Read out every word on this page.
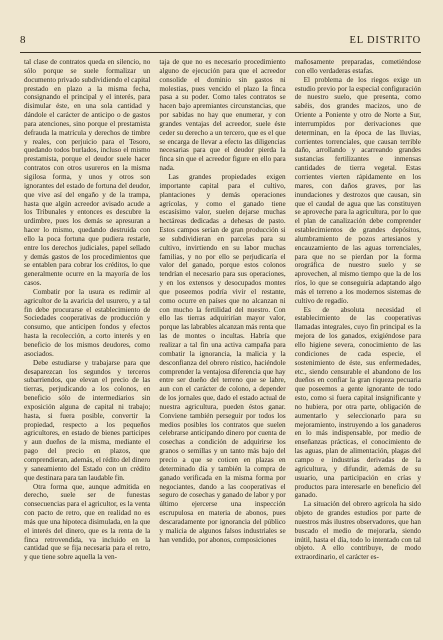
8	EL DISTRITO

tal clase de contratos queda en silencio, no sólo porque se suele formalizar un documento privado subdividiendo el capital prestado en plazo a la misma fecha, consignando el principal y el interés, para disimular éste, en una sola cantidad y dándole el carácter de anticipo o de gastos para atenciones, sino porque el prestamista defrauda la matrícula y derechos de timbre y reales, con perjuicio para el Tesoro, quedando todos burlados, incluso el mismo prestamista, porque el deudor suele hacer contratos con otros usureros en la misma sigilosa forma, y unos y otros son ignorantes del estado de fortuna del deudor, que vive así del engaño y de la trampa, hasta que algún acreedor avisado acude a los Tribunales y entonces es descubre la urdimbre, pues los demás se apresuran a hacer lo mismo, quedando destruida con ello la poca fortuna que pudiera restarle, entre los derechos judiciales, papel sellado y demás gastos de los procedimientos que se entablen para cobrar los créditos, lo que generalmente ocurre en la mayoría de los casos.

Combatir por la usura es redimir al agricultor de la avaricia del usurero, y a tal fin debe procurarse el establecimiento de Sociedades cooperativas de producción y consumo, que anticipen fondos y efectos hasta la recolección, a corto interés y en beneficio de los mismos deudores, como asociados.

Debe estudiarse y trabajarse para que desaparezcan los segundos y terceros subarriendos, que elevan el precio de las tierras, perjudicando a los colonos, en beneficio sólo de intermediarios sin exposición alguna de capital ni trabajo; hasta, si fuera posible, convertir la propiedad, respecto a los pequeños agricultores, en estado de bienes participes y aun dueños de la misma, mediante el pago del precio en plazos, que comprendieran, además, el rédito del dinero y saneamiento del Estado con un crédito que destinara para tan laudable fin.

Otra forma que, aunque admitida en derecho, suele ser de funestas consecuencias para el agricultor, es la venta con pacto de retro, que en realidad no es más que una hipoteca disimulada, en la que el interés del dinero, que es la renta de la finca retrovendida, va incluido en la cantidad que se fija necesaria para el retro, y que tiene sobre aquella la ven-

taja de que no es necesario procedimiento alguno de ejecución para que el acreedor consolide el dominio sin gastos ni molestias, pues vencido el plazo la finca pasa a su poder. Como tales contratos se hacen bajo apremiantes circunstancias, que por sabidas no hay que enumerar, y con grandes ventajas del acreedor, suele éste ceder su derecho a un tercero, que es el que se encarga de llevar a efecto las diligencias necesarias para que el deudor pierda la finca sin que el acreedor figure en ello para nada.

Las grandes propiedades exigen importante capital para el cultivo, plantaciones y demás operaciones agrícolas, y como el ganado tiene escasísimo valor, suelen dejarse muchas hectáreas dedicadas a dehesas de pasto. Estos campos serían de gran producción si se subdividieran en parcelas para su cultivo, invirtiendo en su labor muchas familias, y no por ello se perjudicaría el valor del ganado, porque estos colonos tendrían el necesario para sus operaciones, y en los extensos y desocupados montes que poseemos podría vivir el restante, como ocurre en países que no alcanzan ni con mucho la fertilidad del nuestro. Con ello las tierras adquirirían mayor valor, porque las labrables alcanzan más renta que las de montes o incultas. Habría que realizar a tal fin una activa campaña para combatir la ignorancia, la malicia y la desconfianza del obrero rústico, haciéndole comprender la ventajosa diferencia que hay entre ser dueño del terreno que se labre, aun con el carácter de colono, a depender de los jornales que, dado el estado actual de nuestra agricultura, pueden éstos ganar. Conviene también perseguir por todos los medios posibles los contratos que suelen celebrarse anticipando dinero por cuenta de cosechas a condición de adquirirse los granos o semillas y un tanto más bajo del precio a que se coticen en plazas en determinado día y también la compra de ganado verificada en la misma forma por negociantes, dando a las cooperativas el seguro de cosechas y ganado de labor y por último ejercerse una inspección escrupulosa en materia de abonos, pues descaradamente por ignorancia del público y malicia de algunos falsos industriales se han vendido, por abonos, composiciones

mañosamente preparadas, cometiéndose con ello verdaderas estafas.

El problema de los riegos exige un estudio previo por la especial configuración de nuestro suelo, que presenta, como sabéis, dos grandes macizos, uno de Oriente a Poniente y otro de Norte a Sur, interrumpidos por derivaciones que determinan, en la época de las lluvias, corrientes torrenciales, que causan terrible daño, arrollando y acarreando grandes sustancias fertilizantes e inmensas cantidades de tierra vegetal. Estas corrientes vierten rápidamente en los mares, con daños graves, por las inundaciones y destrozos que causan, sin que el caudal de agua que las constituyen se aproveche para la agricultura, por lo que el plan de canalización debe comprender establecimientos de grandes depósitos, alumbramiento de pozos artesianos y encauzamiento de las aguas torrenciales, para que no se pierdan por la forma orográfica de nuestro suelo y se aprovechen, al mismo tiempo que la de los ríos, lo que se conseguiría adaptando algo más el terreno a los modernos sistemas de cultivo de regadío.

Es de absoluta necesidad el establecimiento de las cooperativas llamadas integrales, cuyo fin principal es la mejora de los ganados, exigiéndose para ello higiene severa, conocimiento de las condiciones de cada especie, el sostenimiento de éste, sus enfermedades, etc., siendo censurable el abandono de los dueños en confiar la gran riqueza pecuaria que poseemos a gente ignorante de todo esto, como si fuera capital insignificante y no hubiera, por otra parte, obligación de aumentarlo y seleccionarlo para su mejoramiento, instruyendo a los ganaderos en lo más indispensable, por medio de enseñanzas prácticas, el conocimiento de las aguas, plan de alimentación, plagas del campo e industrias derivadas de la agricultura, y difundir, además de su usuario, una participación en crías y productos para interesarle en beneficio del ganado.

La situación del obrero agrícola ha sido objeto de grandes estudios por parte de nuestros más ilustres observadores, que han buscado el medio de mejorarla, siendo inútil, hasta el día, todo lo intentado con tal objeto. A ello contribuye, de modo extraordinario, el carácter es-
